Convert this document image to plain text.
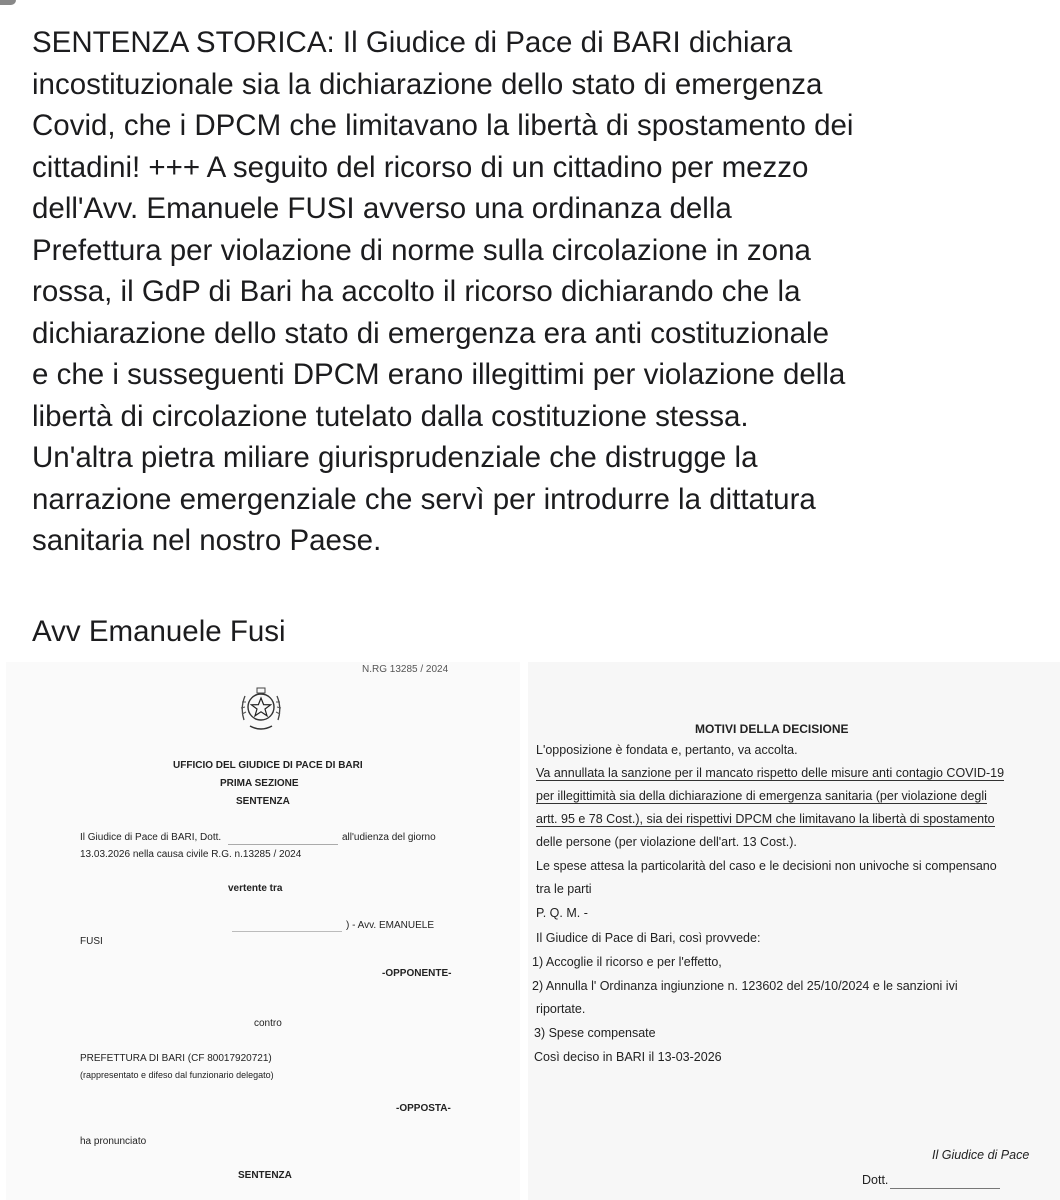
SENTENZA STORICA: Il Giudice di Pace di BARI dichiara

incostituzionale sia la dichiarazione dello stato di emergenza

Covid, che i DPCM che limitavano la libertà di spostamento dei

cittadini! +++ A seguito del ricorso di un cittadino per mezzo

dell'Avv. Emanuele FUSI avverso una ordinanza della

Prefettura per violazione di norme sulla circolazione in zona

rossa, il GdP di Bari ha accolto il ricorso dichiarando che la

dichiarazione dello stato di emergenza era anti costituzionale

e che i susseguenti DPCM erano illegittimi per violazione della

libertà di circolazione tutelato dalla costituzione stessa.

Un'altra pietra miliare giurisprudenziale che distrugge la

narrazione emergenziale che servì per introdurre la dittatura

sanitaria nel nostro Paese.

Avv Emanuele Fusi
N.RG 13285 / 2024
UFFICIO DEL GIUDICE DI PACE DI BARI
PRIMA SEZIONE
SENTENZA
Il Giudice di Pace di BARI, Dott.	all'udienza del giorno
13.03.2026 nella causa civile R.G. n.13285 / 2024
vertente tra
) - Avv. EMANUELE
FUSI
-OPPONENTE-
contro
PREFETTURA DI BARI (CF 80017920721)
(rappresentato e difeso dal funzionario delegato)
-OPPOSTA-
ha pronunciato
SENTENZA
MOTIVI DELLA DECISIONE
L'opposizione è fondata e, pertanto, va accolta.
Va annullata la sanzione per il mancato rispetto delle misure anti contagio COVID-19
per illegittimità sia della dichiarazione di emergenza sanitaria (per violazione degli
artt. 95 e 78 Cost.), sia dei rispettivi DPCM che limitavano la libertà di spostamento
delle persone (per violazione dell'art. 13 Cost.).
Le spese attesa la particolarità del caso e le decisioni non univoche si compensano
tra le parti
P. Q. M. -
Il Giudice di Pace di Bari, così provvede:
1) Accoglie il ricorso e per l'effetto,
2) Annulla l' Ordinanza ingiunzione n. 123602 del 25/10/2024 e le sanzioni ivi
riportate.
3) Spese compensate
Così deciso in BARI il 13-03-2026
Il Giudice di Pace
Dott.
